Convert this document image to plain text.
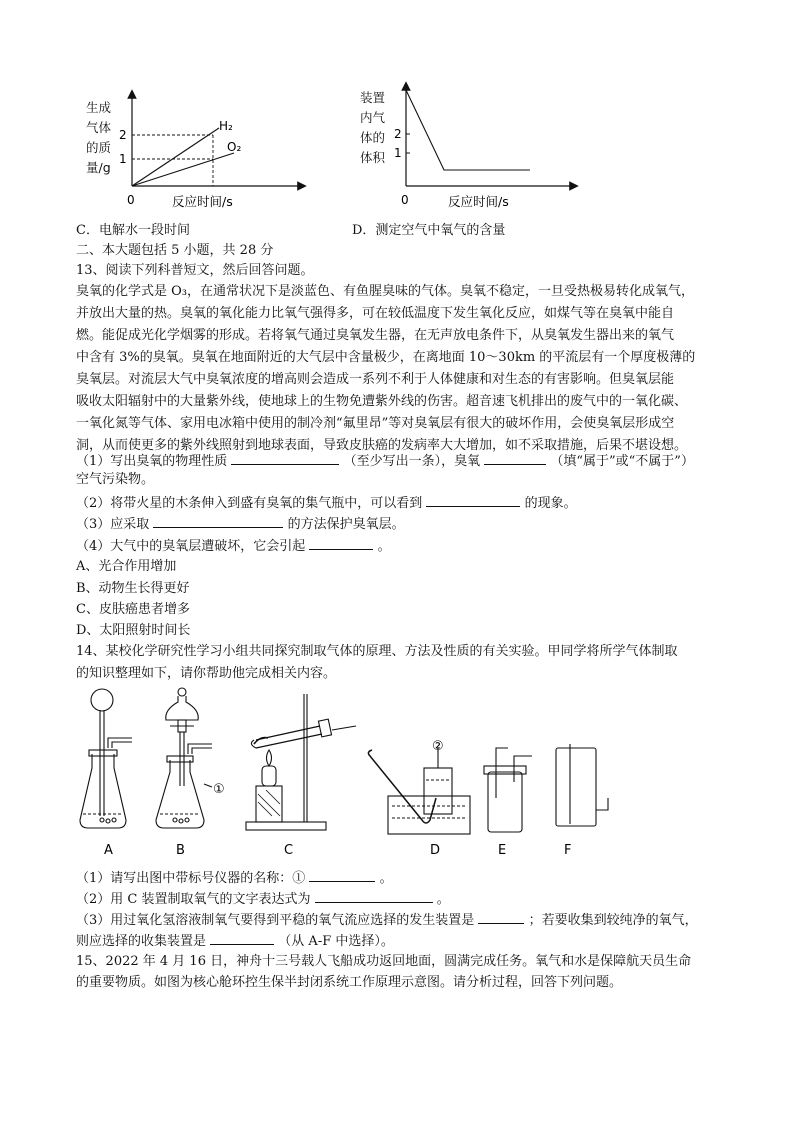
生成
气体
的质
量/g
2
1
0
H₂
O₂
反应时间/s
C．电解水一段时间
装置
内气
体的
体积
2
1
0	反应时间/s
D．测定空气中氧气的含量
二、本大题包括 5 小题，共 28 分
13、阅读下列科普短文，然后回答问题。
臭氧的化学式是 O₃，在通常状况下是淡蓝色、有鱼腥臭味的气体。臭氧不稳定，一旦受热极易转化成氧气，
并放出大量的热。臭氧的氧化能力比氧气强得多，可在较低温度下发生氧化反应，如煤气等在臭氧中能自
燃。能促成光化学烟雾的形成。若将氧气通过臭氧发生器，在无声放电条件下，从臭氧发生器出来的氧气
中含有 3%的臭氧。臭氧在地面附近的大气层中含量极少，在离地面 10～30km 的平流层有一个厚度极薄的
臭氧层。对流层大气中臭氧浓度的增高则会造成一系列不利于人体健康和对生态的有害影响。但臭氧层能
吸收太阳辐射中的大量紫外线，使地球上的生物免遭紫外线的伤害。超音速飞机排出的废气中的一氧化碳、
一氧化氮等气体、家用电冰箱中使用的制冷剂“氟里昂”等对臭氧层有很大的破坏作用，会使臭氧层形成空
洞，从而使更多的紫外线照射到地球表面，导致皮肤癌的发病率大大增加，如不采取措施，后果不堪设想。
（1）写出臭氧的物理性质	（至少写出一条），臭氧	（填“属于”或“不属于”）
空气污染物。
（2）将带火星的木条伸入到盛有臭氧的集气瓶中，可以看到	的现象。
（3）应采取	的方法保护臭氧层。
（4）大气中的臭氧层遭破坏，它会引起	。
A、光合作用增加
B、动物生长得更好
C、皮肤癌患者增多
D、太阳照射时间长
14、某校化学研究性学习小组共同探究制取气体的原理、方法及性质的有关实验。甲同学将所学气体制取
的知识整理如下，请你帮助他完成相关内容。
①
②
A	B	C	D	E	F
（1）请写出图中带标号仪器的名称：①	。
（2）用 C 装置制取氧气的文字表达式为	。
（3）用过氧化氢溶液制氧气要得到平稳的氧气流应选择的发生装置是	；若要收集到较纯净的氧气，
则应选择的收集装置是	（从 A-F 中选择）。
15、2022 年 4 月 16 日，神舟十三号载人飞船成功返回地面，圆满完成任务。氧气和水是保障航天员生命
的重要物质。如图为核心舱环控生保半封闭系统工作原理示意图。请分析过程，回答下列问题。
